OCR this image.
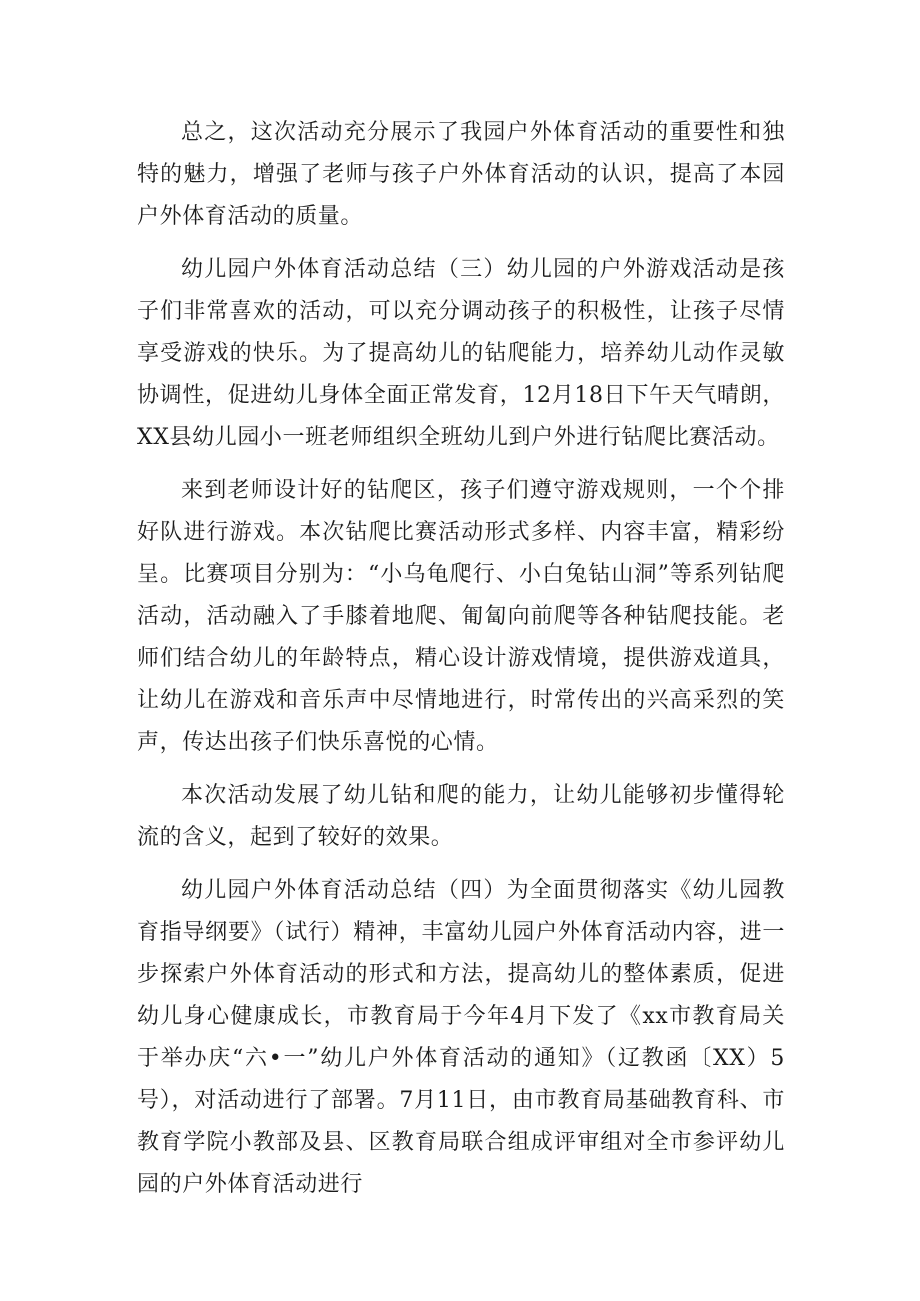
总之，这次活动充分展示了我园户外体育活动的重要性和独特的魅力，增强了老师与孩子户外体育活动的认识，提高了本园户外体育活动的质量。

幼儿园户外体育活动总结（三）幼儿园的户外游戏活动是孩子们非常喜欢的活动，可以充分调动孩子的积极性，让孩子尽情享受游戏的快乐。为了提高幼儿的钻爬能力，培养幼儿动作灵敏协调性，促进幼儿身体全面正常发育，12月18日下午天气晴朗，XX县幼儿园小一班老师组织全班幼儿到户外进行钻爬比赛活动。

来到老师设计好的钻爬区，孩子们遵守游戏规则，一个个排好队进行游戏。本次钻爬比赛活动形式多样、内容丰富，精彩纷呈。比赛项目分别为：“小乌龟爬行、小白兔钻山洞”等系列钻爬活动，活动融入了手膝着地爬、匍匐向前爬等各种钻爬技能。老师们结合幼儿的年龄特点，精心设计游戏情境，提供游戏道具，让幼儿在游戏和音乐声中尽情地进行，时常传出的兴高采烈的笑声，传达出孩子们快乐喜悦的心情。

本次活动发展了幼儿钻和爬的能力，让幼儿能够初步懂得轮流的含义，起到了较好的效果。

幼儿园户外体育活动总结（四）为全面贯彻落实《幼儿园教育指导纲要》（试行）精神，丰富幼儿园户外体育活动内容，进一步探索户外体育活动的形式和方法，提高幼儿的整体素质，促进幼儿身心健康成长，市教育局于今年4月下发了《xx市教育局关于举办庆“六•一”幼儿户外体育活动的通知》（辽教函〔XX）5号），对活动进行了部署。7月11日，由市教育局基础教育科、市教育学院小教部及县、区教育局联合组成评审组对全市参评幼儿园的户外体育活动进行
